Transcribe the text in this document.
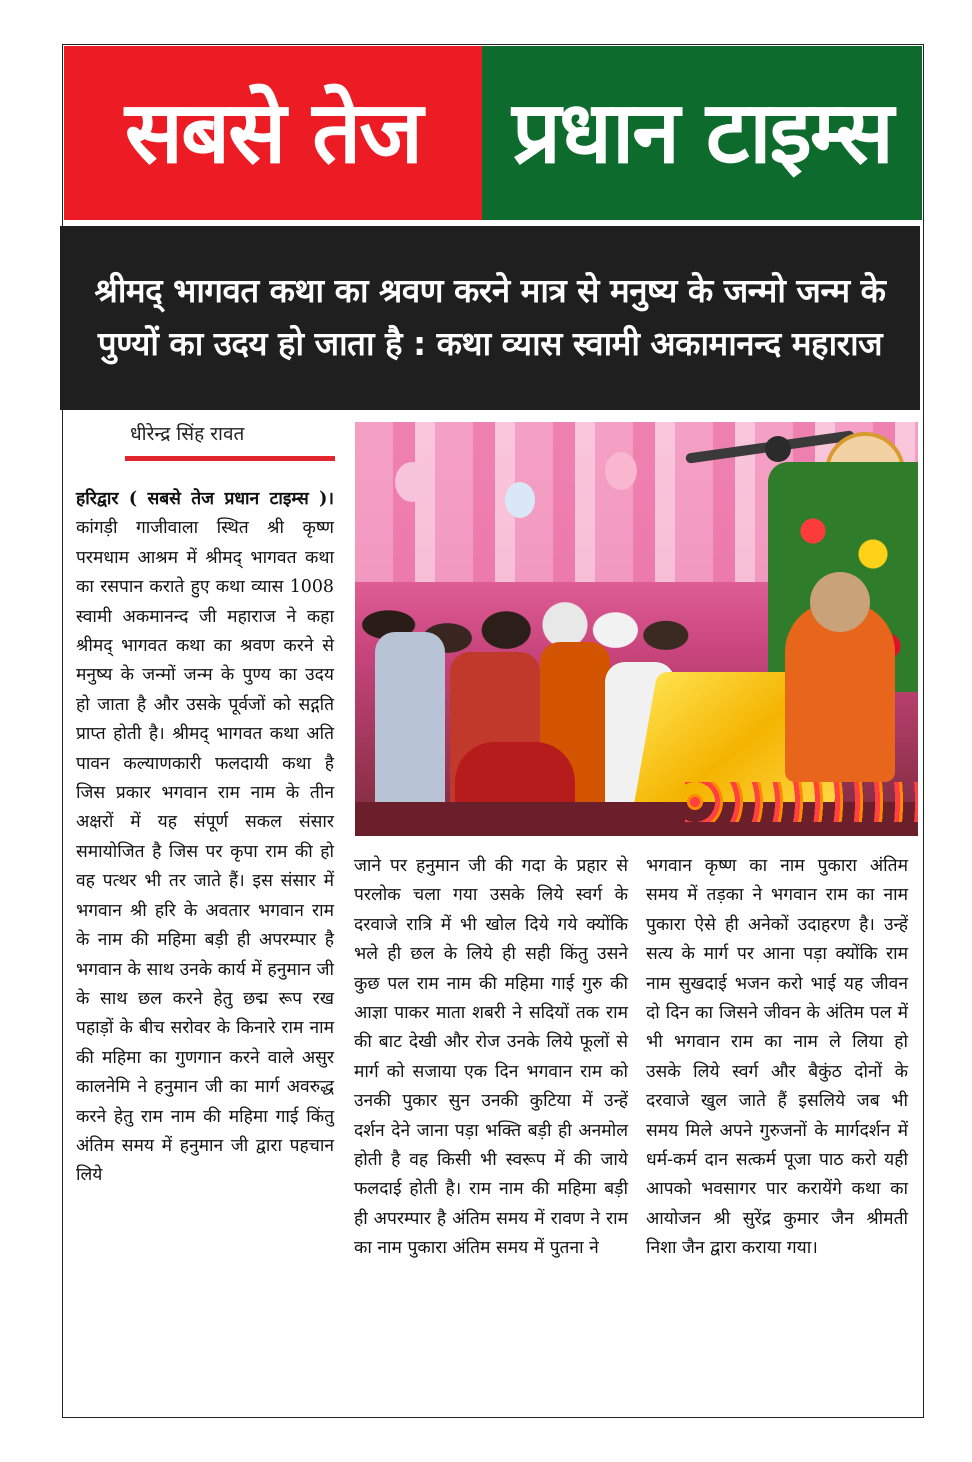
सबसे तेज प्रधान टाइम्स
श्रीमद् भागवत कथा का श्रवण करने मात्र से मनुष्य के जन्मो जन्म के
पुण्यों का उदय हो जाता है : कथा व्यास स्वामी अकामानन्द महाराज
धीरेन्द्र सिंह रावत
हरिद्वार ( सबसे तेज प्रधान टाइम्स )। कांगड़ी गाजीवाला स्थित श्री कृष्ण परमधाम आश्रम में श्रीमद् भागवत कथा का रसपान कराते हुए कथा व्यास 1008 स्वामी अकमानन्द जी महाराज ने कहा श्रीमद् भागवत कथा का श्रवण करने से मनुष्य के जन्मों जन्म के पुण्य का उदय हो जाता है और उसके पूर्वजों को सद्गति प्राप्त होती है। श्रीमद् भागवत कथा अति पावन कल्याणकारी फलदायी कथा है जिस प्रकार भगवान राम नाम के तीन अक्षरों में यह संपूर्ण सकल संसार समायोजित है जिस पर कृपा राम की हो वह पत्थर भी तर जाते हैं। इस संसार में भगवान श्री हरि के अवतार भगवान राम के नाम की महिमा बड़ी ही अपरम्पार है भगवान के साथ उनके कार्य में हनुमान जी के साथ छल करने हेतु छद्म रूप रख पहाड़ों के बीच सरोवर के किनारे राम नाम की महिमा का गुणगान करने वाले असुर कालनेमि ने हनुमान जी का मार्ग अवरुद्ध करने हेतु राम नाम की महिमा गाई किंतु अंतिम समय में हनुमान जी द्वारा पहचान लिये
जाने पर हनुमान जी की गदा के प्रहार से परलोक चला गया उसके लिये स्वर्ग के दरवाजे रात्रि में भी खोल दिये गये क्योंकि भले ही छल के लिये ही सही किंतु उसने कुछ पल राम नाम की महिमा गाई गुरु की आज्ञा पाकर माता शबरी ने सदियों तक राम की बाट देखी और रोज उनके लिये फूलों से मार्ग को सजाया एक दिन भगवान राम को उनकी पुकार सुन उनकी कुटिया में उन्हें दर्शन देने जाना पड़ा भक्ति बड़ी ही अनमोल होती है वह किसी भी स्वरूप में की जाये फलदाई होती है। राम नाम की महिमा बड़ी ही अपरम्पार है अंतिम समय में रावण ने राम का नाम पुकारा अंतिम समय में पुतना ने
भगवान कृष्ण का नाम पुकारा अंतिम समय में तड़का ने भगवान राम का नाम पुकारा ऐसे ही अनेकों उदाहरण है। उन्हें सत्य के मार्ग पर आना पड़ा क्योंकि राम नाम सुखदाई भजन करो भाई यह जीवन दो दिन का जिसने जीवन के अंतिम पल में भी भगवान राम का नाम ले लिया हो उसके लिये स्वर्ग और बैकुंठ दोनों के दरवाजे खुल जाते हैं इसलिये जब भी समय मिले अपने गुरुजनों के मार्गदर्शन में धर्म-कर्म दान सत्कर्म पूजा पाठ करो यही आपको भवसागर पार करायेंगे कथा का आयोजन श्री सुरेंद्र कुमार जैन श्रीमती निशा जैन द्वारा कराया गया।
